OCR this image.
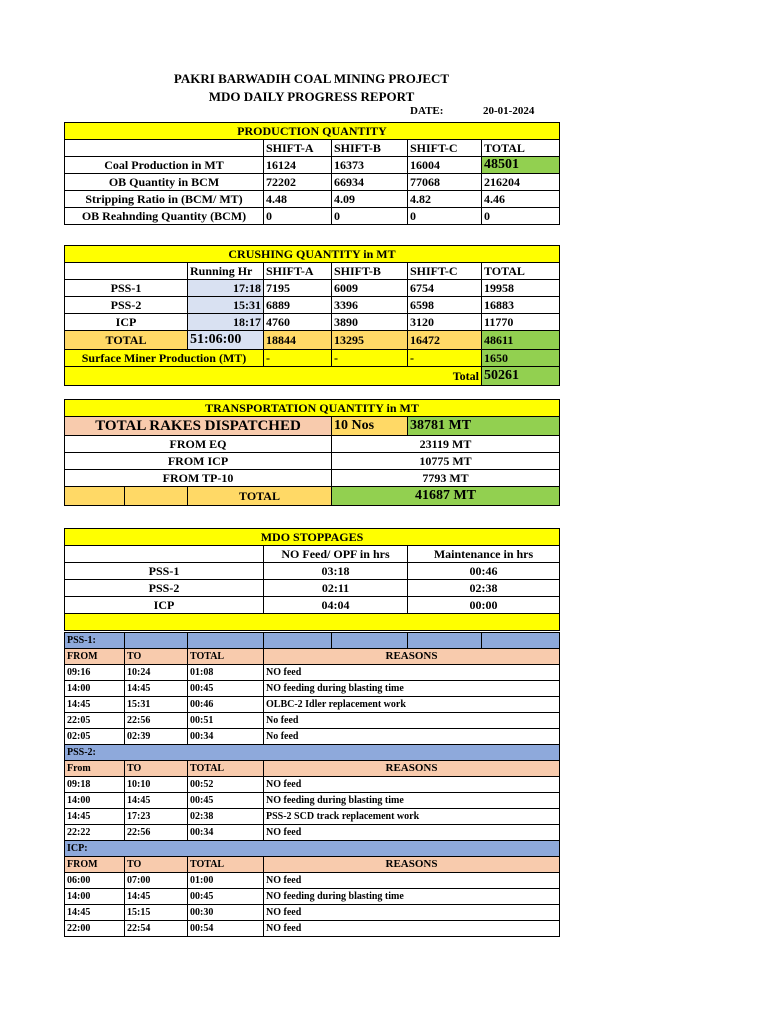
PAKRI BARWADIH COAL MINING PROJECT
MDO DAILY PROGRESS REPORT
DATE:	20-01-2024
PRODUCTION QUANTITY				
	SHIFT-A	SHIFT-B	SHIFT-C	TOTAL
Coal Production in MT	16124	16373	16004	48501
OB Quantity in BCM	72202	66934	77068	216204
Stripping Ratio in (BCM/ MT)	4.48	4.09	4.82	4.46
OB Reahnding Quantity (BCM)	0	0	0	0
CRUSHING QUANTITY in MT					
	Running Hr	SHIFT-A	SHIFT-B	SHIFT-C	TOTAL
PSS-1	17:18	7195	6009	6754	19958
PSS-2	15:31	6889	3396	6598	16883
ICP	18:17	4760	3890	3120	11770
TOTAL	51:06:00	18844	13295	16472	48611
Surface Miner Production (MT)		-	-	-	1650
Total					50261
TRANSPORTATION QUANTITY in MT				
TOTAL RAKES DISPATCHED			10 Nos	38781 MT
FROM EQ			23119 MT	
FROM ICP			10775 MT	
FROM TP-10			7793 MT	
		TOTAL	41687 MT	
MDO STOPPAGES		
	NO Feed/ OPF in hrs	Maintenance in hrs
PSS-1	03:18	00:46
PSS-2	02:11	02:38
ICP	04:04	00:00

PSS-1:						
FROM	TO	TOTAL	REASONS			
09:16	10:24	01:08	NO feed			
14:00	14:45	00:45	NO feeding during blasting time			
14:45	15:31	00:46	OLBC-2 Idler replacement work			
22:05	22:56	00:51	No feed			
02:05	02:39	00:34	No feed			
PSS-2:						
From	TO	TOTAL	REASONS			
09:18	10:10	00:52	NO feed			
14:00	14:45	00:45	NO feeding during blasting time			
14:45	17:23	02:38	PSS-2 SCD track replacement work			
22:22	22:56	00:34	NO feed			
ICP:						
FROM	TO	TOTAL	REASONS			
06:00	07:00	01:00	NO feed			
14:00	14:45	00:45	NO feeding during blasting time			
14:45	15:15	00:30	NO feed			
22:00	22:54	00:54	NO feed			
